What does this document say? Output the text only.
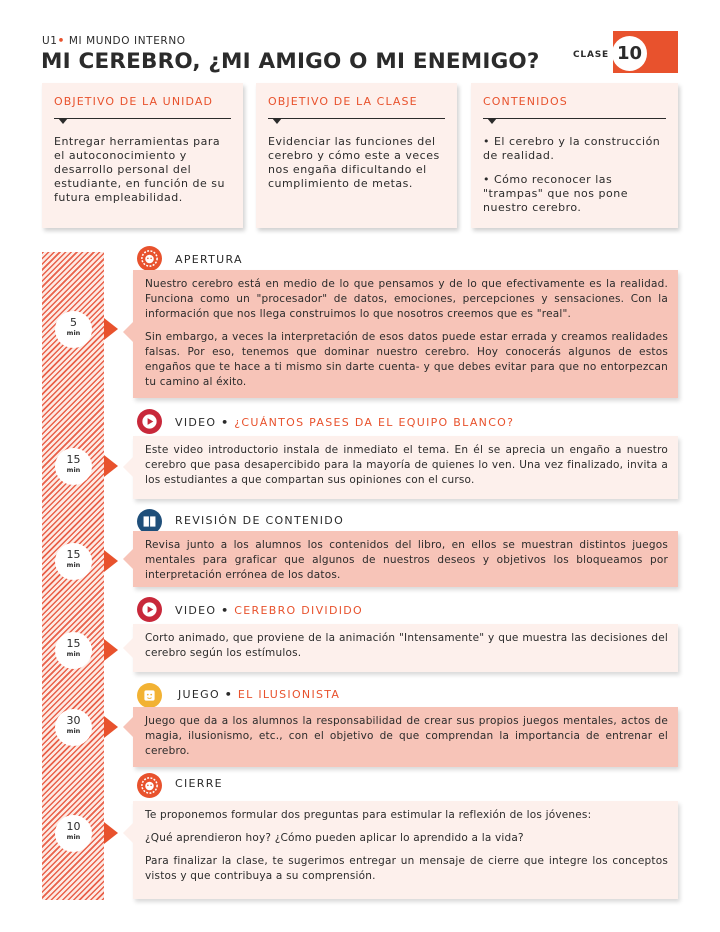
U1• MI MUNDO INTERNO
MI CEREBRO, ¿MI AMIGO O MI ENEMIGO?	CLASE 10
OBJETIVO DE LA UNIDAD

Entregar herramientas para el autoconocimiento y desarrollo personal del estudiante, en función de su futura empleabilidad.

OBJETIVO DE LA CLASE

Evidenciar las funciones del cerebro y cómo este a veces nos engaña dificultando el cumplimiento de metas.

CONTENIDOS

• El cerebro y la construcción de realidad.

• Cómo reconocer las "trampas" que nos pone nuestro cerebro.

APERTURA
5
min

Nuestro cerebro está en medio de lo que pensamos y de lo que efectivamente es la realidad. Funciona como un "procesador" de datos, emociones, percepciones y sensaciones. Con la información que nos llega construimos lo que nosotros creemos que es "real".

Sin embargo, a veces la interpretación de esos datos puede estar errada y creamos realidades falsas. Por eso, tenemos que dominar nuestro cerebro. Hoy conocerás algunos de estos engaños que te hace a ti mismo sin darte cuenta- y que debes evitar para que no entorpezcan tu camino al éxito.

VIDEO • ¿CUÁNTOS PASES DA EL EQUIPO BLANCO?
15
min

Este video introductorio instala de inmediato el tema. En él se aprecia un engaño a nuestro cerebro que pasa desapercibido para la mayoría de quienes lo ven. Una vez finalizado, invita a los estudiantes a que compartan sus opiniones con el curso.

REVISIÓN DE CONTENIDO
15
min

Revisa junto a los alumnos los contenidos del libro, en ellos se muestran distintos juegos mentales para graficar que algunos de nuestros deseos y objetivos los bloqueamos por interpretación errónea de los datos.

VIDEO • CEREBRO DIVIDIDO
15
min

Corto animado, que proviene de la animación "Intensamente" y que muestra las decisiones del cerebro según los estímulos.

JUEGO • EL ILUSIONISTA
30
min

Juego que da a los alumnos la responsabilidad de crear sus propios juegos mentales, actos de magia, ilusionismo, etc., con el objetivo de que comprendan la importancia de entrenar el cerebro.

CIERRE
10
min

Te proponemos formular dos preguntas para estimular la reflexión de los jóvenes:

¿Qué aprendieron hoy? ¿Cómo pueden aplicar lo aprendido a la vida?

Para finalizar la clase, te sugerimos entregar un mensaje de cierre que integre los conceptos vistos y que contribuya a su comprensión.
